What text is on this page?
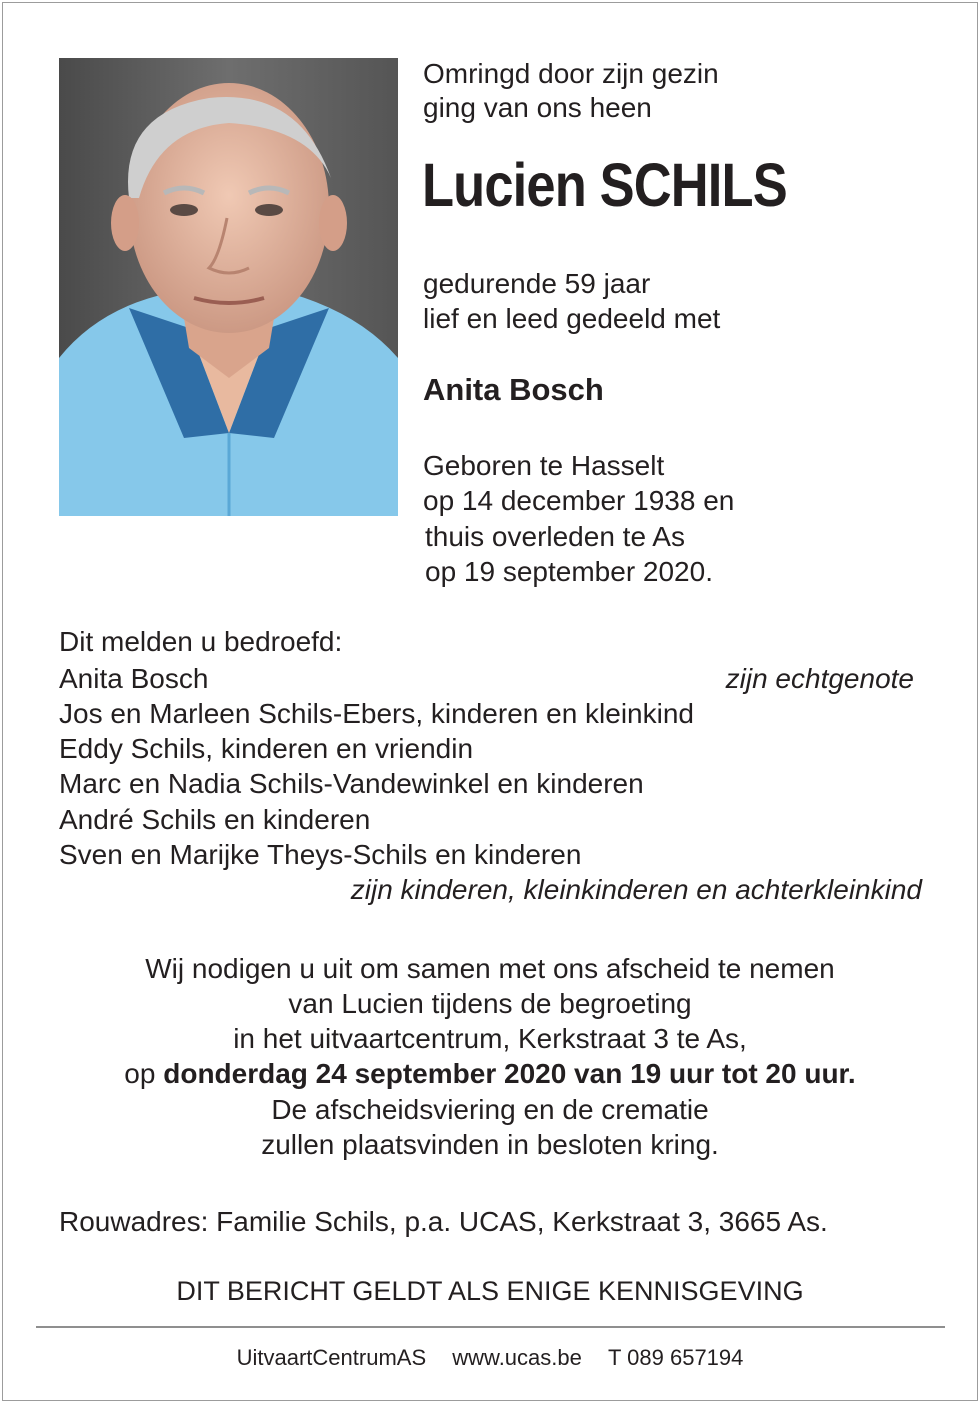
Omringd door zijn gezin
ging van ons heen
Lucien SCHILS
gedurende 59 jaar
lief en leed gedeeld met
Anita Bosch
Geboren te Hasselt
op 14 december 1938 en
thuis overleden te As
op 19 september 2020.
Dit melden u bedroefd:
Anita Bosch	zijn echtgenote
Jos en Marleen Schils-Ebers, kinderen en kleinkind
Eddy Schils, kinderen en vriendin
Marc en Nadia Schils-Vandewinkel en kinderen
André Schils en kinderen
Sven en Marijke Theys-Schils en kinderen
zijn kinderen, kleinkinderen en achterkleinkind
Wij nodigen u uit om samen met ons afscheid te nemen
van Lucien tijdens de begroeting
in het uitvaartcentrum, Kerkstraat 3 te As,
op donderdag 24 september 2020 van 19 uur tot 20 uur.
De afscheidsviering en de crematie
zullen plaatsvinden in besloten kring.
Rouwadres: Familie Schils, p.a. UCAS, Kerkstraat 3, 3665 As.
DIT BERICHT GELDT ALS ENIGE KENNISGEVING
UitvaartCentrumAS www.ucas.be T 089 657194
